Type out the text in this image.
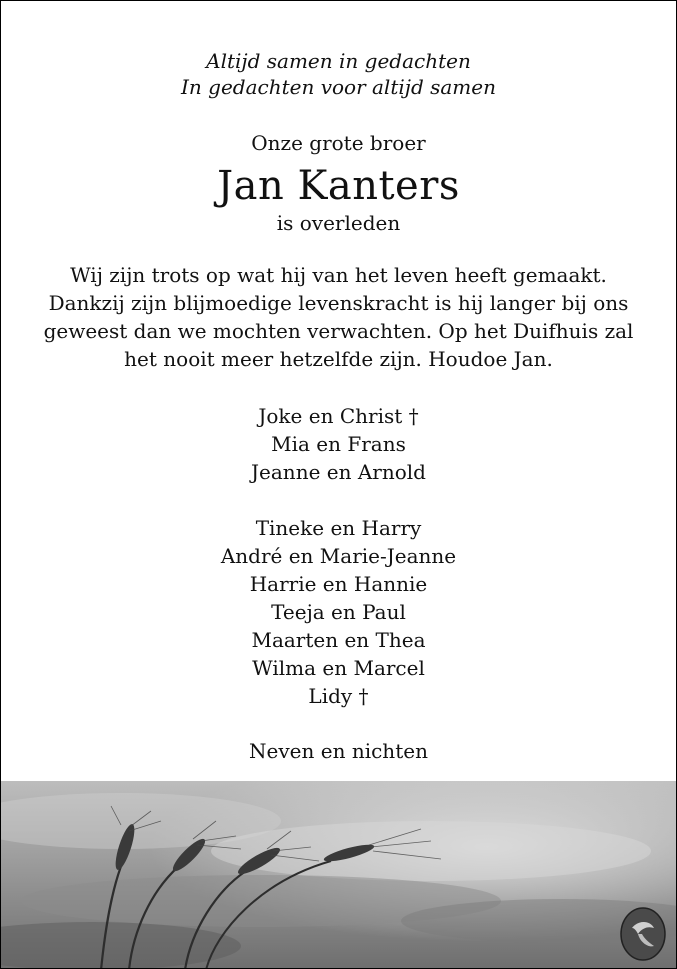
Altijd samen in gedachten
In gedachten voor altijd samen
Onze grote broer
Jan Kanters
is overleden
Wij zijn trots op wat hij van het leven heeft gemaakt.
Dankzij zijn blijmoedige levenskracht is hij langer bij ons
geweest dan we mochten verwachten. Op het Duifhuis zal
het nooit meer hetzelfde zijn. Houdoe Jan.
Joke en Christ †
Mia en Frans
Jeanne en Arnold
Tineke en Harry
André en Marie-Jeanne
Harrie en Hannie
Teeja en Paul
Maarten en Thea
Wilma en Marcel
Lidy †
Neven en nichten
